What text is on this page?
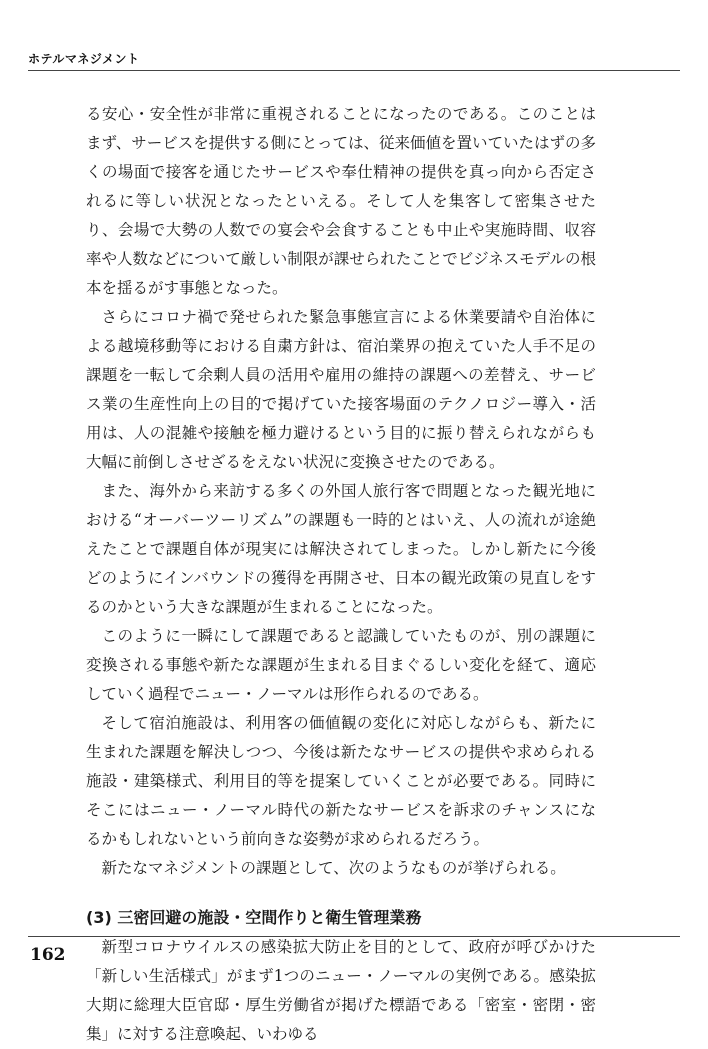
ホテルマネジメント

る安心・安全性が非常に重視されることになったのである。このことはまず、サービスを提供する側にとっては、従来価値を置いていたはずの多くの場面で接客を通じたサービスや奉仕精神の提供を真っ向から否定されるに等しい状況となったといえる。そして人を集客して密集させたり、会場で大勢の人数での宴会や会食することも中止や実施時間、収容率や人数などについて厳しい制限が課せられたことでビジネスモデルの根本を揺るがす事態となった。

さらにコロナ禍で発せられた緊急事態宣言による休業要請や自治体による越境移動等における自粛方針は、宿泊業界の抱えていた人手不足の課題を一転して余剰人員の活用や雇用の維持の課題への差替え、サービス業の生産性向上の目的で掲げていた接客場面のテクノロジー導入・活用は、人の混雑や接触を極力避けるという目的に振り替えられながらも大幅に前倒しさせざるをえない状況に変換させたのである。

また、海外から来訪する多くの外国人旅行客で問題となった観光地における“オーバーツーリズム”の課題も一時的とはいえ、人の流れが途絶えたことで課題自体が現実には解決されてしまった。しかし新たに今後どのようにインバウンドの獲得を再開させ、日本の観光政策の見直しをするのかという大きな課題が生まれることになった。

このように一瞬にして課題であると認識していたものが、別の課題に変換される事態や新たな課題が生まれる目まぐるしい変化を経て、適応していく過程でニュー・ノーマルは形作られるのである。

そして宿泊施設は、利用客の価値観の変化に対応しながらも、新たに生まれた課題を解決しつつ、今後は新たなサービスの提供や求められる施設・建築様式、利用目的等を提案していくことが必要である。同時にそこにはニュー・ノーマル時代の新たなサービスを訴求のチャンスになるかもしれないという前向きな姿勢が求められるだろう。

新たなマネジメントの課題として、次のようなものが挙げられる。

(3) 三密回避の施設・空間作りと衛生管理業務

新型コロナウイルスの感染拡大防止を目的として、政府が呼びかけた「新しい生活様式」がまず1つのニュー・ノーマルの実例である。感染拡大期に総理大臣官邸・厚生労働省が掲げた標語である「密室・密閉・密集」に対する注意喚起、いわゆる

162
